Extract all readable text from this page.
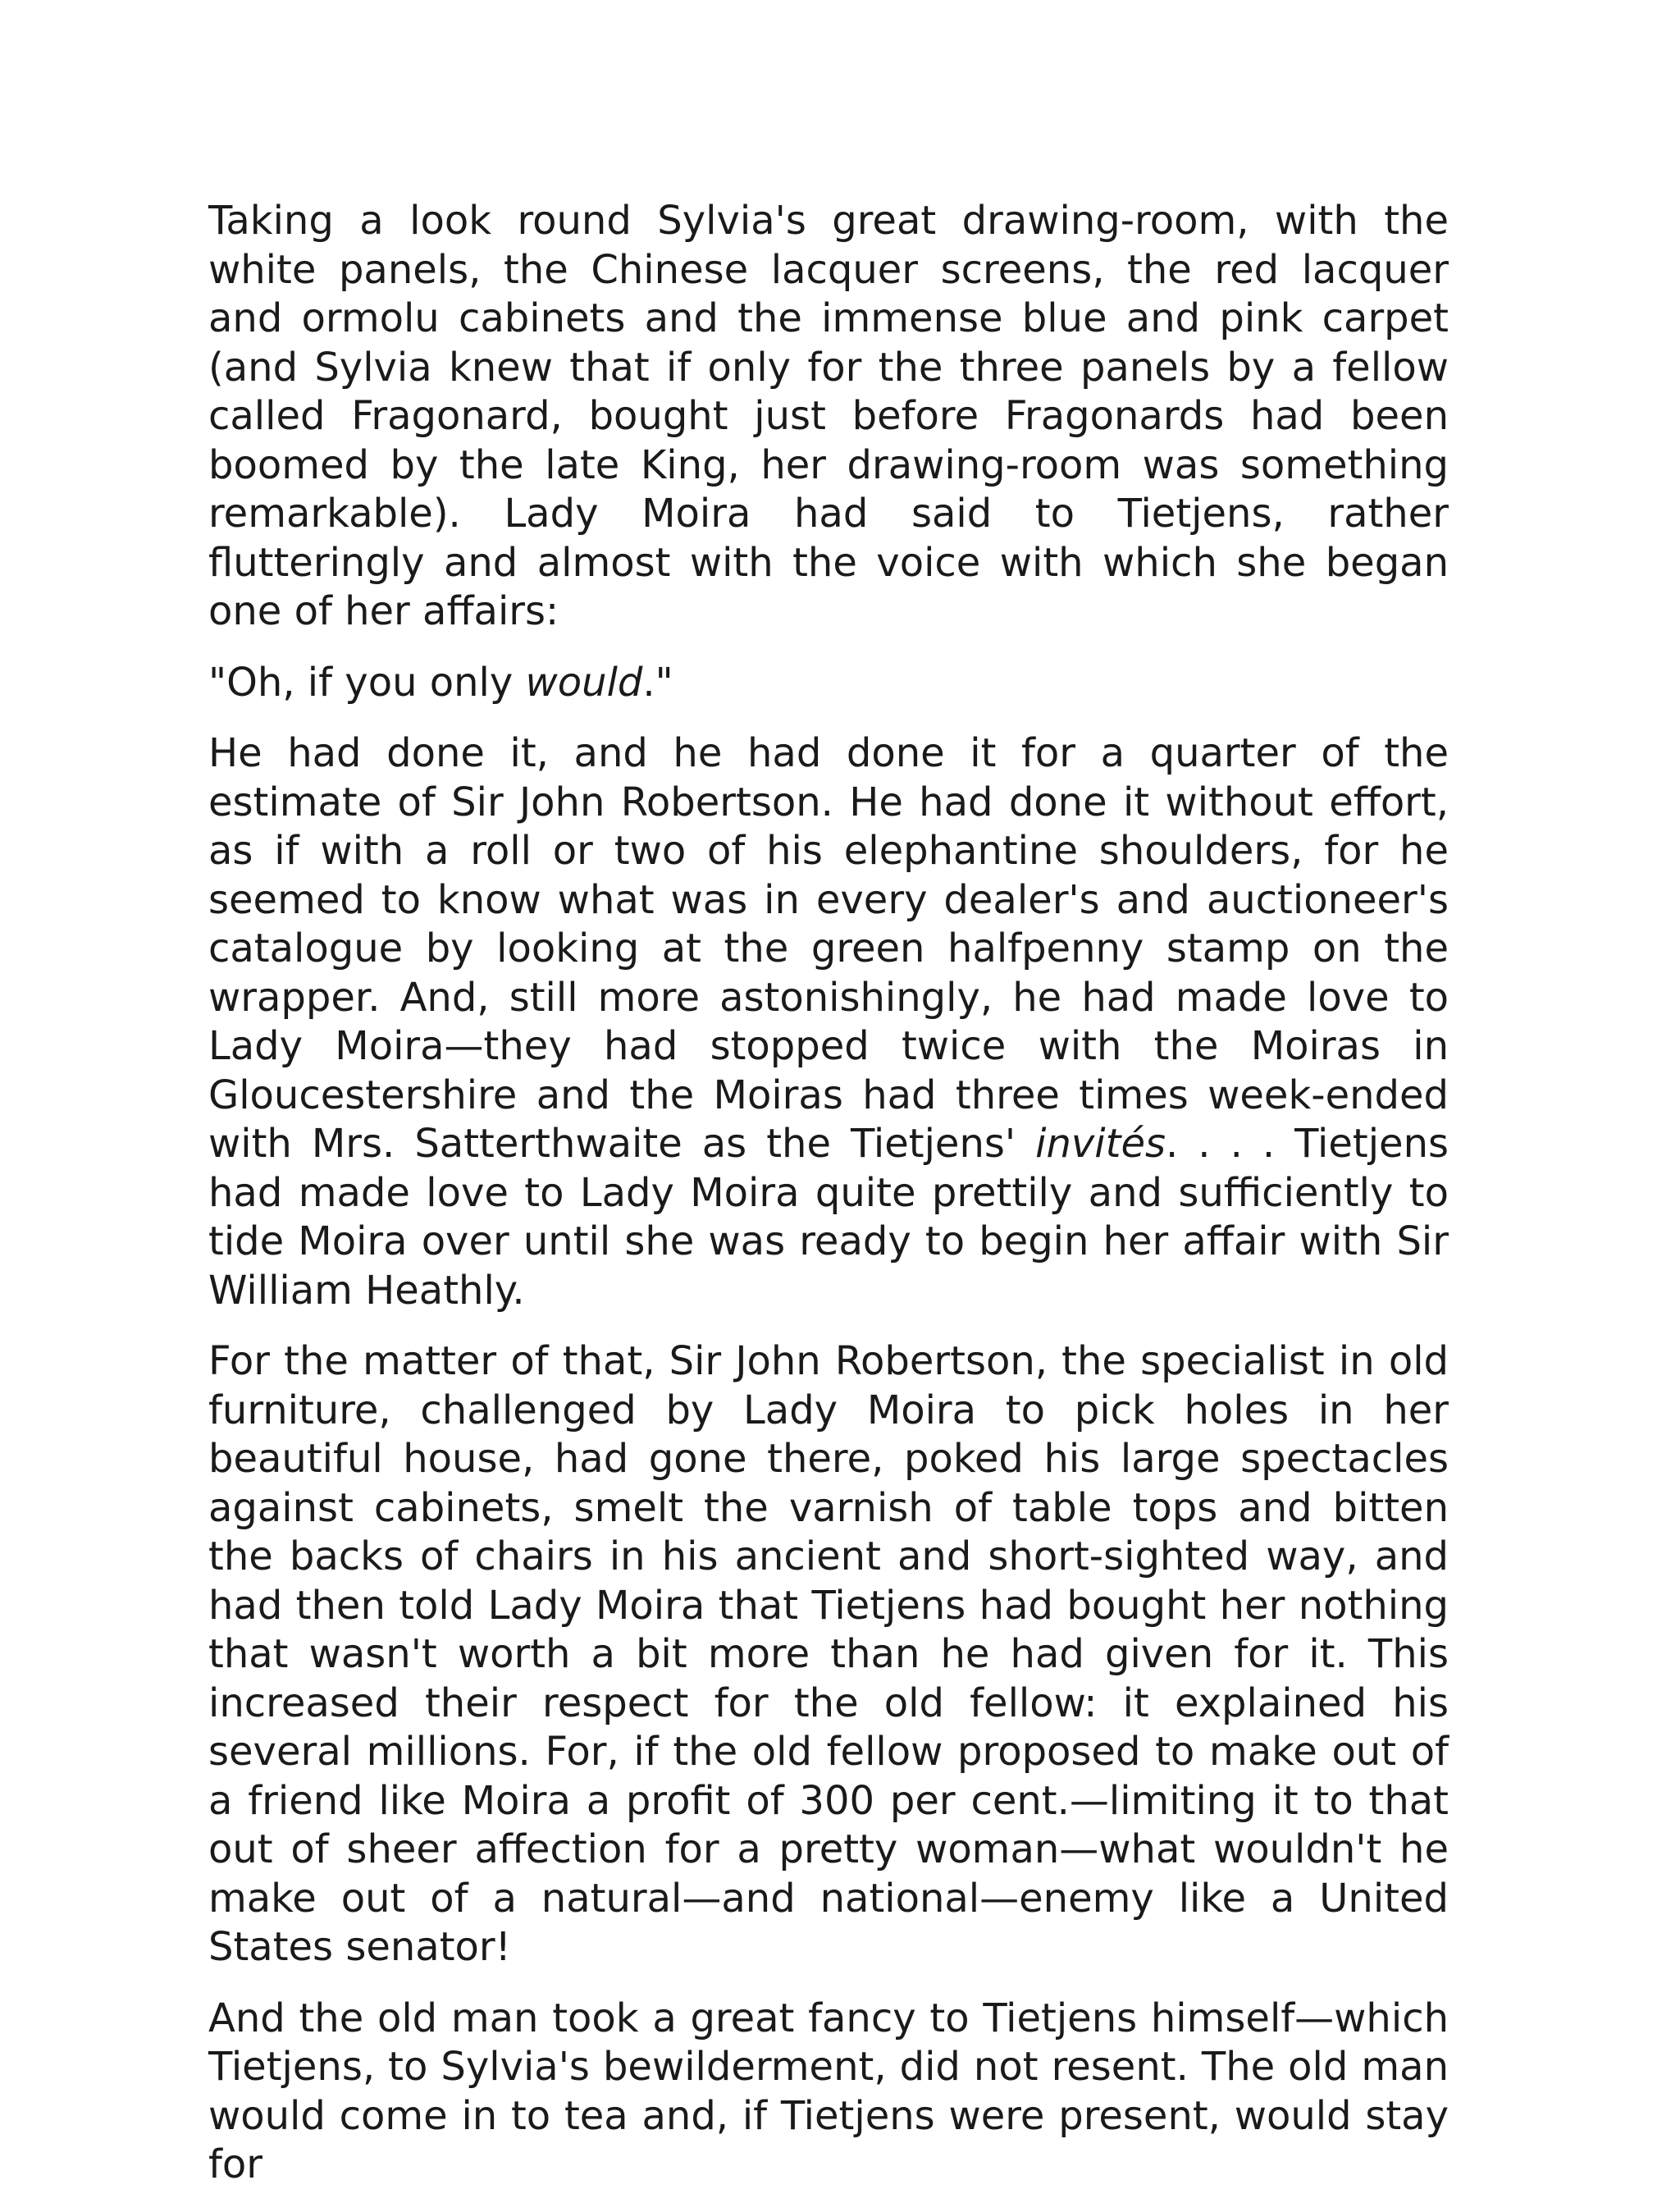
Taking a look round Sylvia's great drawing-room, with the white panels, the Chinese lacquer screens, the red lacquer and ormolu cabinets and the immense blue and pink carpet (and Sylvia knew that if only for the three panels by a fellow called Fragonard, bought just before Fragonards had been boomed by the late King, her drawing-room was something remarkable). Lady Moira had said to Tietjens, rather flutteringly and almost with the voice with which she began one of her affairs:

"Oh, if you only would."

He had done it, and he had done it for a quarter of the estimate of Sir John Robertson. He had done it without effort, as if with a roll or two of his elephantine shoulders, for he seemed to know what was in every dealer's and auctioneer's catalogue by looking at the green halfpenny stamp on the wrapper. And, still more astonishingly, he had made love to Lady Moira—they had stopped twice with the Moiras in Gloucestershire and the Moiras had three times week-ended with Mrs. Satterthwaite as the Tietjens' invités. . . . Tietjens had made love to Lady Moira quite prettily and sufficiently to tide Moira over until she was ready to begin her affair with Sir William Heathly.

For the matter of that, Sir John Robertson, the specialist in old furniture, challenged by Lady Moira to pick holes in her beautiful house, had gone there, poked his large spectacles against cabinets, smelt the varnish of table tops and bitten the backs of chairs in his ancient and short-sighted way, and had then told Lady Moira that Tietjens had bought her nothing that wasn't worth a bit more than he had given for it. This increased their respect for the old fellow: it explained his several millions. For, if the old fellow proposed to make out of a friend like Moira a profit of 300 per cent.—limiting it to that out of sheer affection for a pretty woman—what wouldn't he make out of a natural—and national—enemy like a United States senator!

And the old man took a great fancy to Tietjens himself—which Tietjens, to Sylvia's bewilderment, did not resent. The old man would come in to tea and, if Tietjens were present, would stay for
